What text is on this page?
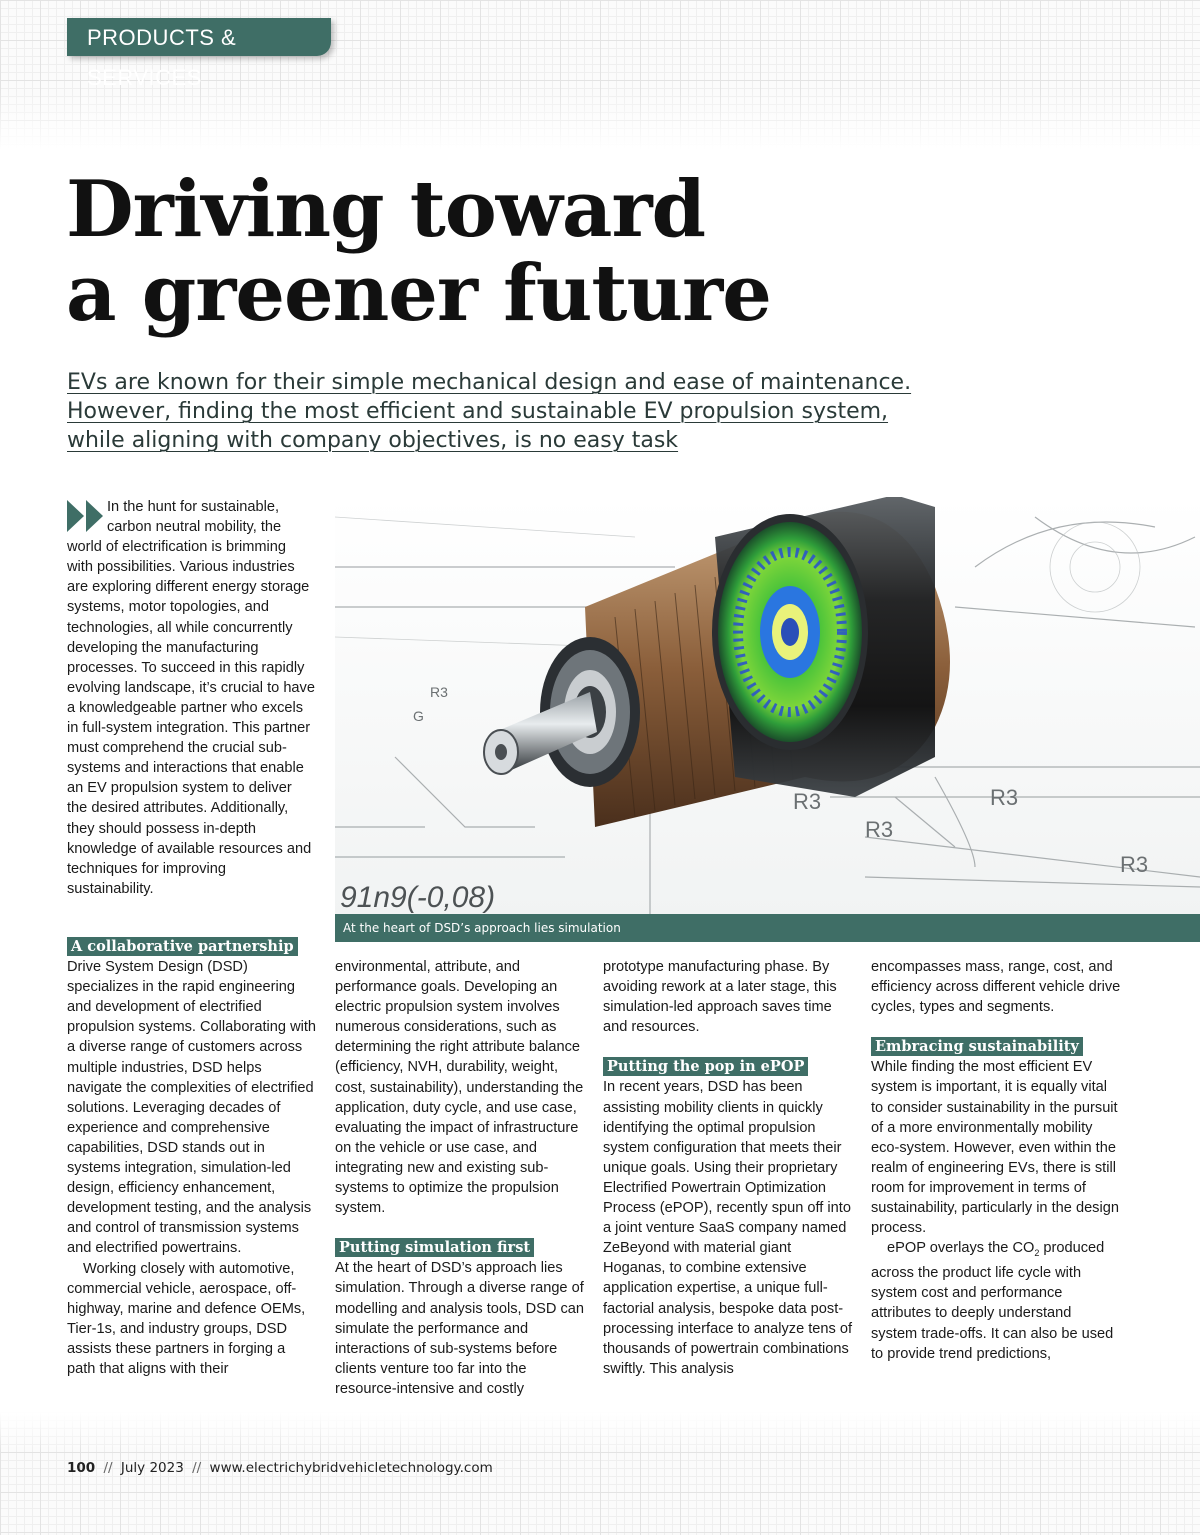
PRODUCTS & SERVICES
Driving toward
a greener future
EVs are known for their simple mechanical design and ease of maintenance.
However, finding the most efficient and sustainable EV propulsion system,
while aligning with company objectives, is no easy task
In the hunt for sustainable,
carbon neutral mobility, the
world of electrification is brimming with possibilities. Various industries are exploring different energy storage systems, motor topologies, and technologies, all while concurrently developing the manufacturing processes. To succeed in this rapidly evolving landscape, it’s crucial to have a knowledgeable partner who excels in full-system integration. This partner must comprehend the crucial sub-systems and interactions that enable an EV propulsion system to deliver the desired attributes. Additionally, they should possess in-depth knowledge of available resources and techniques for improving sustainability.
R3
R3
R3
R3
R3
G
91n9(-0,08)
At the heart of DSD’s approach lies simulation
A collaborative partnership

Drive System Design (DSD) specializes in the rapid engineering and development of electrified propulsion systems. Collaborating with a diverse range of customers across multiple industries, DSD helps navigate the complexities of electrified solutions. Leveraging decades of experience and comprehensive capabilities, DSD stands out in systems integration, simulation-led design, efficiency enhancement, development testing, and the analysis and control of transmission systems and electrified powertrains.

Working closely with automotive, commercial vehicle, aerospace, off-highway, marine and defence OEMs, Tier-1s, and industry groups, DSD assists these partners in forging a path that aligns with their

environmental, attribute, and performance goals. Developing an electric propulsion system involves numerous considerations, such as determining the right attribute balance (efficiency, NVH, durability, weight, cost, sustainability), understanding the application, duty cycle, and use case, evaluating the impact of infrastructure on the vehicle or use case, and integrating new and existing sub-systems to optimize the propulsion system.

Putting simulation first

At the heart of DSD’s approach lies simulation. Through a diverse range of modelling and analysis tools, DSD can simulate the performance and interactions of sub-systems before clients venture too far into the resource-intensive and costly

prototype manufacturing phase. By avoiding rework at a later stage, this simulation-led approach saves time and resources.

Putting the pop in ePOP

In recent years, DSD has been assisting mobility clients in quickly identifying the optimal propulsion system configuration that meets their unique goals. Using their proprietary Electrified Powertrain Optimization Process (ePOP), recently spun off into a joint venture SaaS company named ZeBeyond with material giant Hoganas, to combine extensive application expertise, a unique full-factorial analysis, bespoke data post-processing interface to analyze tens of thousands of powertrain combinations swiftly. This analysis

encompasses mass, range, cost, and efficiency across different vehicle drive cycles, types and segments.

Embracing sustainability

While finding the most efficient EV system is important, it is equally vital to consider sustainability in the pursuit of a more environmentally mobility eco-system. However, even within the realm of engineering EVs, there is still room for improvement in terms of sustainability, particularly in the design process.

ePOP overlays the $CO_2$ produced across the product life cycle with system cost and performance attributes to deeply understand system trade-offs. It can also be used to provide trend predictions,

100 // July 2023 // www.electrichybridvehicletechnology.com
